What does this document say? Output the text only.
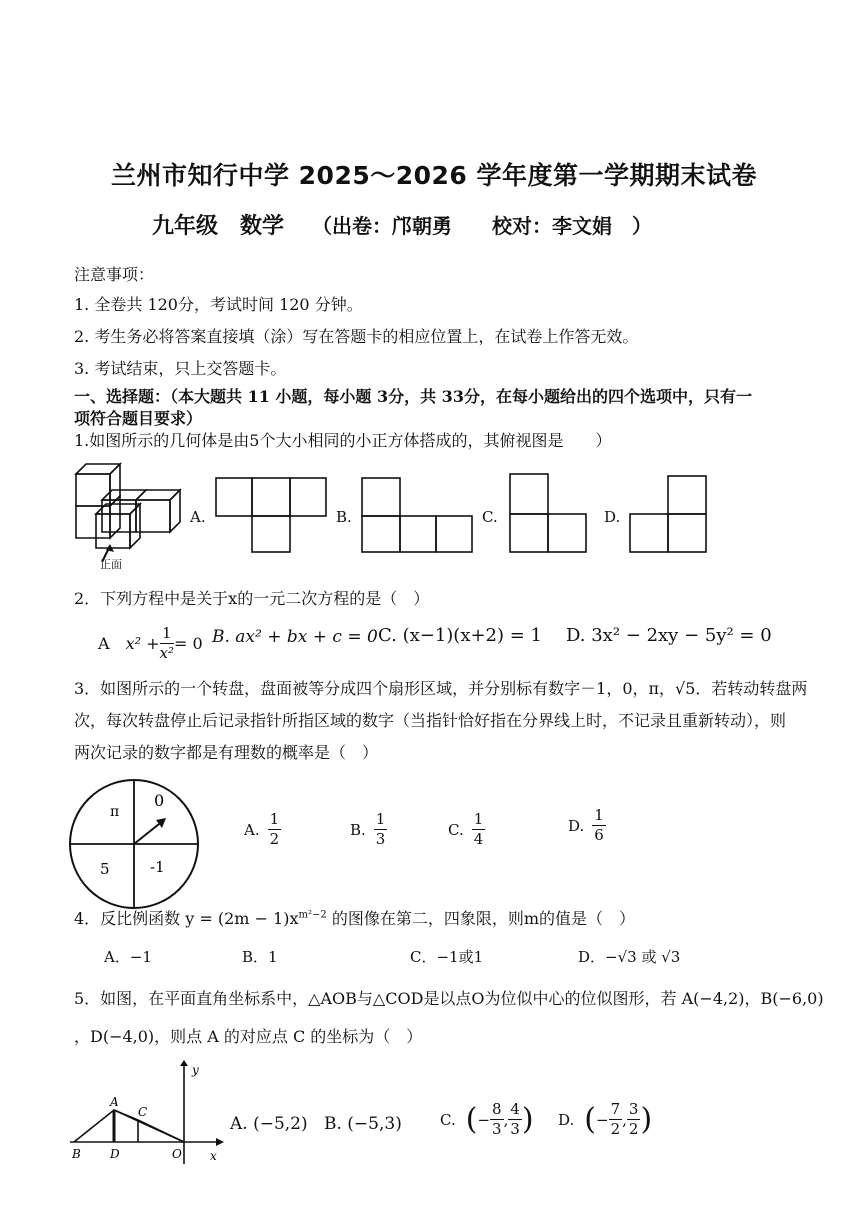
兰州市知行中学 2025～2026 学年度第一学期期末试卷
九年级　数学 （出卷：邝朝勇　　校对：李文娟　）
注意事项：
1. 全卷共 120分，考试时间 120 分钟。
2. 考生务必将答案直接填（涂）写在答题卡的相应位置上，在试卷上作答无效。
3. 考试结束，只上交答题卡。
一、选择题：（本大题共 11 小题，每小题 3分，共 33分，在每小题给出的四个选项中，只有一
项符合题目要求）
1.如图所示的几何体是由5个大小相同的小正方体搭成的，其俯视图是　　）
正面
A.	B.	C.	D.
2．下列方程中是关于x的一元二次方程的是（　）
A $x^2 + \frac{1}{\text{x²}} = 0$ B. ax² + bx + c = 0 C. (x−1)(x+2) = 1 D. 3x² − 2xy − 5y² = 0
3．如图所示的一个转盘，盘面被等分成四个扇形区域，并分别标有数字－1，0，π，√5．若转动转盘两
次，每次转盘停止后记录指针所指区域的数字（当指针恰好指在分界线上时，不记录且重新转动），则
两次记录的数字都是有理数的概率是（　）
π
0
5	-1
A. $\frac{1}{2}$	B. $\frac{1}{3}$	C. $\frac{1}{4}$	D. $\frac{1}{6}$
4．反比例函数 $y = (2m - 1)x^{m^2-2}$ 的图像在第二，四象限，则m的值是（　）
A．−1	B．1	C．−1或1	D．−√3 或 √3
5．如图，在平面直角坐标系中，△AOB与△COD是以点O为位似中心的位似图形，若 A(−4,2)，B(−6,0)
，D(−4,0)，则点 A 的对应点 C 的坐标为（　）
A
C
B D	O x
y
A. (−5,2) B. (−5,3)	C. ( − $\frac{8}{3}$ , $\frac{4}{3}$ ) D. ( − $\frac{7}{2}$ , $\frac{3}{2}$ )
